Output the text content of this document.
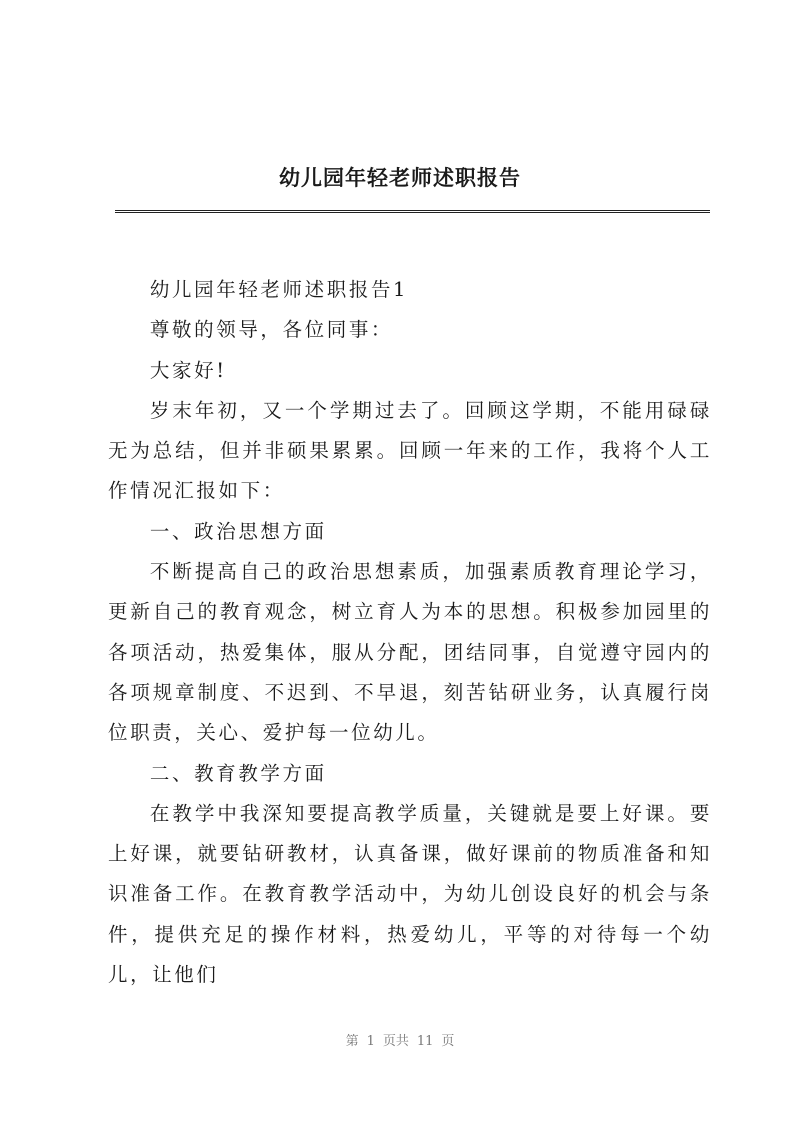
幼儿园年轻老师述职报告

幼儿园年轻老师述职报告1

尊敬的领导，各位同事：

大家好!

岁末年初，又一个学期过去了。回顾这学期，不能用碌碌无为总结，但并非硕果累累。回顾一年来的工作，我将个人工作情况汇报如下：

一、政治思想方面

不断提高自己的政治思想素质，加强素质教育理论学习，更新自己的教育观念，树立育人为本的思想。积极参加园里的各项活动，热爱集体，服从分配，团结同事，自觉遵守园内的各项规章制度、不迟到、不早退，刻苦钻研业务，认真履行岗位职责，关心、爱护每一位幼儿。

二、教育教学方面

在教学中我深知要提高教学质量，关键就是要上好课。要上好课，就要钻研教材，认真备课，做好课前的物质准备和知识准备工作。在教育教学活动中，为幼儿创设良好的机会与条件，提供充足的操作材料，热爱幼儿，平等的对待每一个幼儿，让他们

第 1 页共 11 页
